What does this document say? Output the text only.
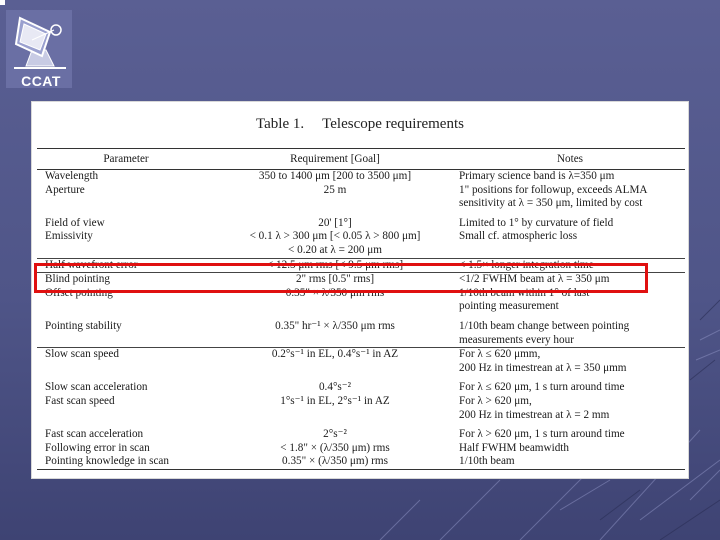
CCAT
Table 1. Telescope requirements
Parameter	Requirement [Goal]	Notes
Wavelength	350 to 1400 μm [200 to 3500 μm]	Primary science band is λ=350 μm
Aperture	25 m	1" positions for followup, exceeds ALMA
		sensitivity at λ = 350 μm, limited by cost
Field of view	20' [1°]	Limited to 1° by curvature of field
Emissivity	< 0.1 λ > 300 μm [< 0.05 λ > 800 μm]	Small cf. atmospheric loss
	< 0.20 at λ = 200 μm	
Half wavefront error	< 12.5 μm rms [< 9.5 μm rms]	< 1.5× longer integration time
Blind pointing	2" rms [0.5" rms]	<1/2 FWHM beam at λ = 350 μm
Offset pointing	0.35" × λ/350 μm rms	1/10th beam within 1° of last
		pointing measurement
Pointing stability	0.35" hr⁻¹ × λ/350 μm rms	1/10th beam change between pointing
		measurements every hour
Slow scan speed	0.2°s⁻¹ in EL, 0.4°s⁻¹ in AZ	For λ ≤ 620 μmm,
		200 Hz in timestrean at λ = 350 μmm
Slow scan acceleration	0.4°s⁻²	For λ ≤ 620 μm, 1 s turn around time
Fast scan speed	1°s⁻¹ in EL, 2°s⁻¹ in AZ	For λ > 620 μm,
		200 Hz in timestrean at λ = 2 mm
Fast scan acceleration	2°s⁻²	For λ > 620 μm, 1 s turn around time
Following error in scan	< 1.8" × (λ/350 μm) rms	Half FWHM beamwidth
Pointing knowledge in scan	0.35" × (λ/350 μm) rms	1/10th beam
